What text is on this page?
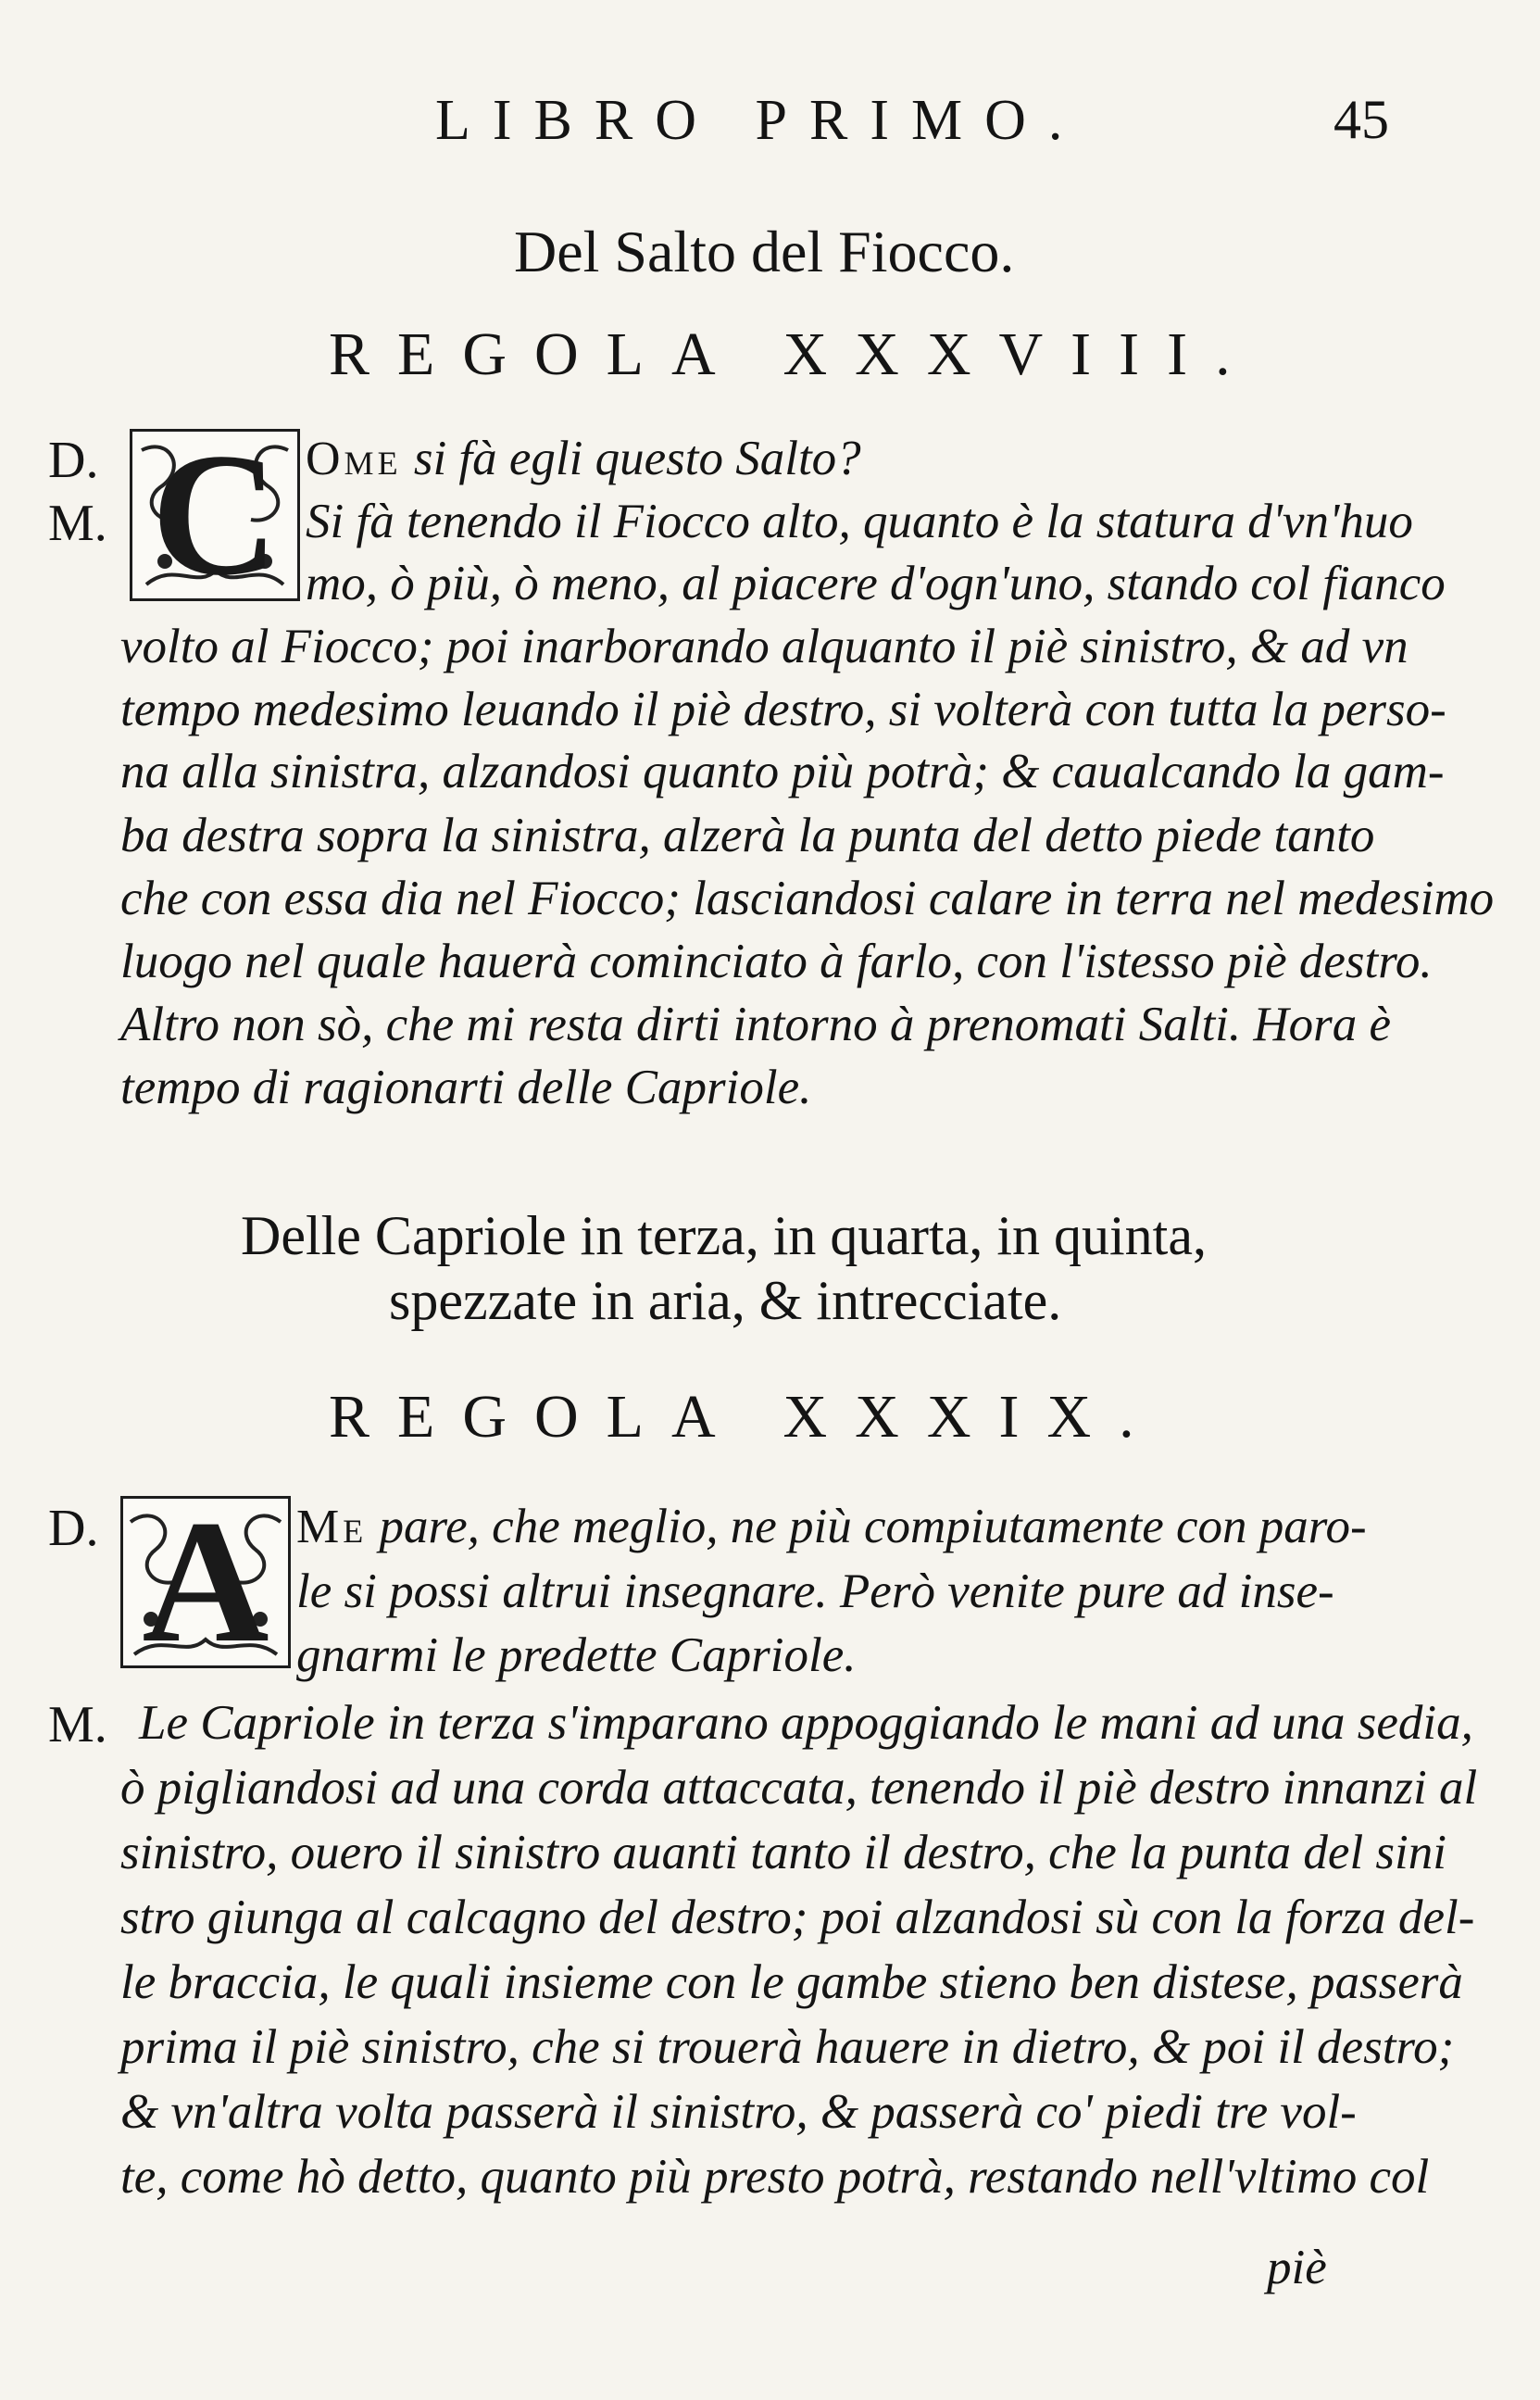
LIBRO PRIMO.	45
Del Salto del Fiocco.
REGOLA XXXVIII.
D.
M. C Ome si fà egli questo Salto?
Si fà tenendo il Fiocco alto, quanto è la statura d'vn'huo
mo, ò più, ò meno, al piacere d'ogn'uno, stando col fianco
volto al Fiocco; poi inarborando alquanto il piè sinistro, & ad vn
tempo medesimo leuando il piè destro, si volterà con tutta la perso-
na alla sinistra, alzandosi quanto più potrà; & caualcando la gam-
ba destra sopra la sinistra, alzerà la punta del detto piede tanto
che con essa dia nel Fiocco; lasciandosi calare in terra nel medesimo
luogo nel quale hauerà cominciato à farlo, con l'istesso piè destro.
Altro non sò, che mi resta dirti intorno à prenomati Salti. Hora è
tempo di ragionarti delle Capriole.
Delle Capriole in terza, in quarta, in quinta,
spezzate in aria, & intrecciate.
REGOLA XXXIX.
D.
M.
A Me pare, che meglio, ne più compiutamente con paro-
le si possi altrui insegnare. Però venite pure ad inse-
gnarmi le predette Capriole.
Le Capriole in terza s'imparano appoggiando le mani ad una sedia,
ò pigliandosi ad una corda attaccata, tenendo il piè destro innanzi al
sinistro, ouero il sinistro auanti tanto il destro, che la punta del sini
stro giunga al calcagno del destro; poi alzandosi sù con la forza del-
le braccia, le quali insieme con le gambe stieno ben distese, passerà
prima il piè sinistro, che si trouerà hauere in dietro, & poi il destro;
& vn'altra volta passerà il sinistro, & passerà co' piedi tre vol-
te, come hò detto, quanto più presto potrà, restando nell'vltimo col
piè
